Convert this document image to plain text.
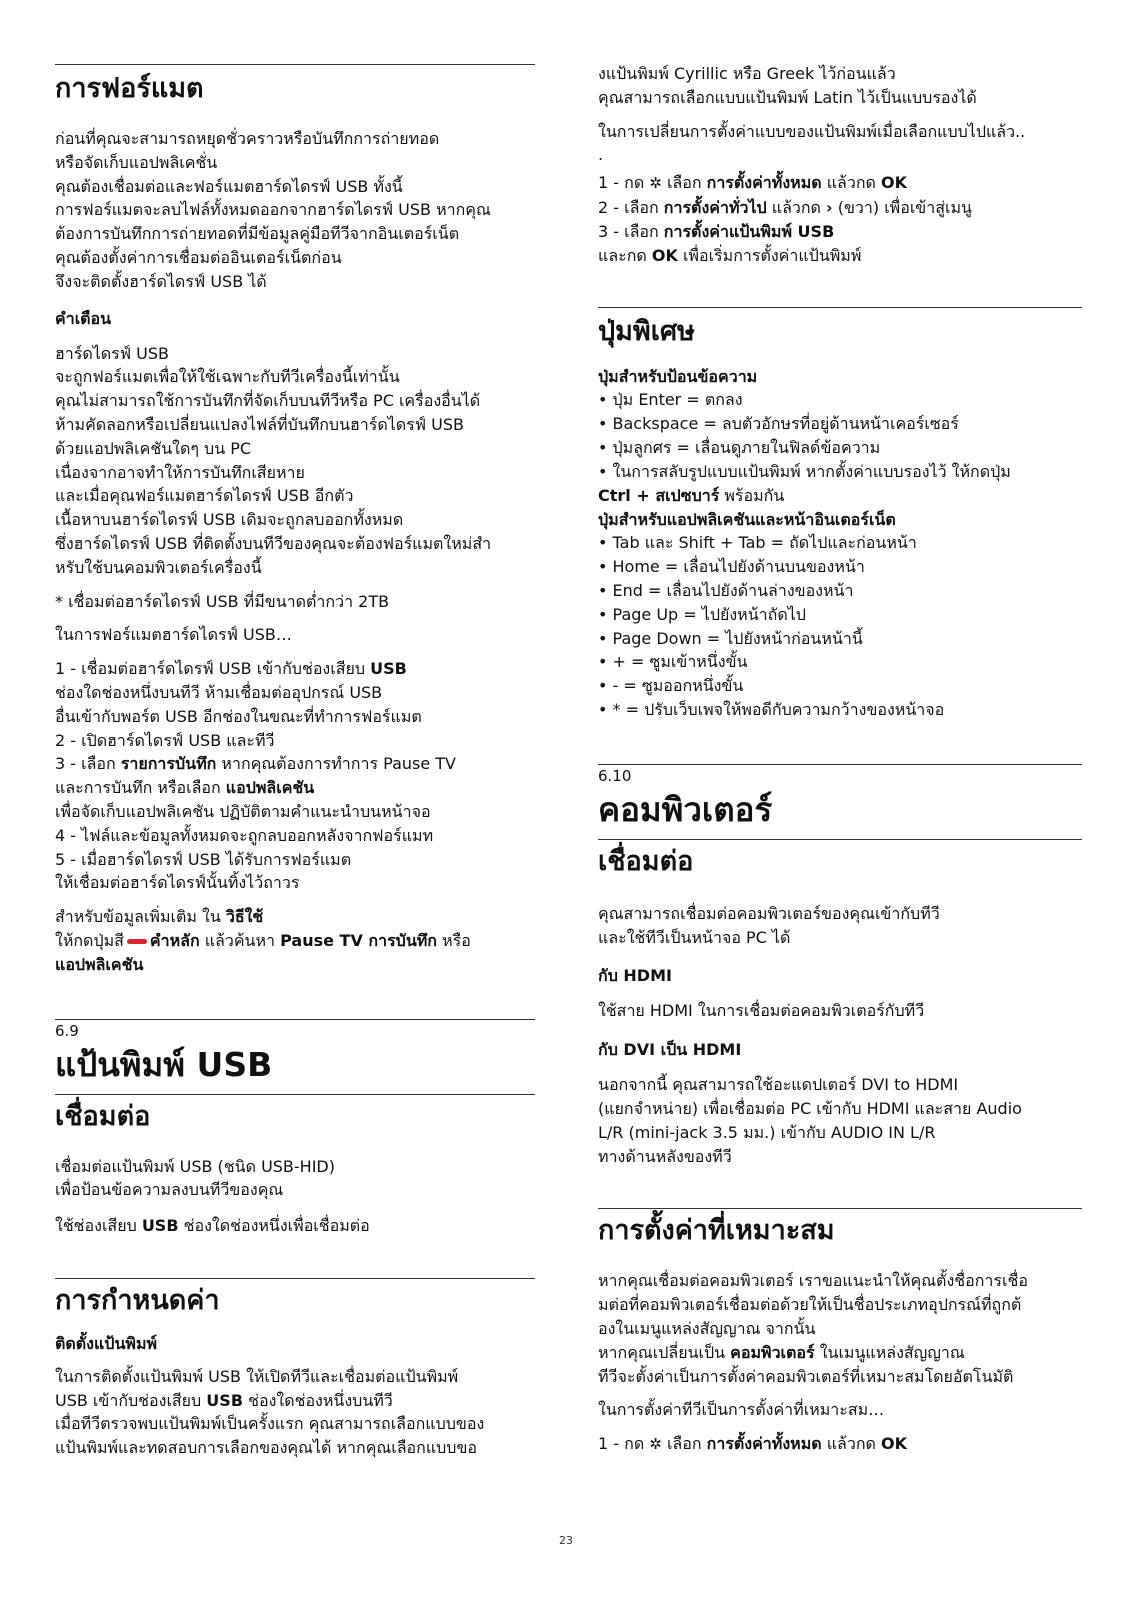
การฟอร์แมต

ก่อนที่คุณจะสามารถหยุดชั่วคราวหรือบันทึกการถ่ายทอด

หรือจัดเก็บแอปพลิเคชั่น

คุณต้องเชื่อมต่อและฟอร์แมตฮาร์ดไดรฟ์ USB ทั้งนี้

การฟอร์แมตจะลบไฟล์ทั้งหมดออกจากฮาร์ดไดรฟ์ USB หากคุณ

ต้องการบันทึกการถ่ายทอดที่มีข้อมูลคู่มือทีวีจากอินเตอร์เน็ต

คุณต้องตั้งค่าการเชื่อมต่ออินเตอร์เน็ตก่อน

จึงจะติดตั้งฮาร์ดไดรฟ์ USB ได้

คำเตือน

ฮาร์ดไดรฟ์ USB

จะถูกฟอร์แมตเพื่อให้ใช้เฉพาะกับทีวีเครื่องนี้เท่านั้น

คุณไม่สามารถใช้การบันทึกที่จัดเก็บบนทีวีหรือ PC เครื่องอื่นได้

ห้ามคัดลอกหรือเปลี่ยนแปลงไฟล์ที่บันทึกบนฮาร์ดไดรฟ์ USB

ด้วยแอปพลิเคชันใดๆ บน PC

เนื่องจากอาจทำให้การบันทึกเสียหาย

และเมื่อคุณฟอร์แมตฮาร์ดไดรฟ์ USB อีกตัว

เนื้อหาบนฮาร์ดไดรฟ์ USB เดิมจะถูกลบออกทั้งหมด

ซึ่งฮาร์ดไดรฟ์ USB ที่ติดตั้งบนทีวีของคุณจะต้องฟอร์แมตใหม่สำ

หรับใช้บนคอมพิวเตอร์เครื่องนี้

* เชื่อมต่อฮาร์ดไดรฟ์ USB ที่มีขนาดต่ำกว่า 2TB

ในการฟอร์แมตฮาร์ดไดรฟ์ USB…

1 - เชื่อมต่อฮาร์ดไดรฟ์ USB เข้ากับช่องเสียบ USB

ช่องใดช่องหนึ่งบนทีวี ห้ามเชื่อมต่ออุปกรณ์ USB

อื่นเข้ากับพอร์ต USB อีกช่องในขณะที่ทำการฟอร์แมต

2 - เปิดฮาร์ดไดรฟ์ USB และทีวี

3 - เลือก รายการบันทึก หากคุณต้องการทำการ Pause TV

และการบันทึก หรือเลือก แอปพลิเคชัน

เพื่อจัดเก็บแอปพลิเคชัน ปฏิบัติตามคำแนะนำบนหน้าจอ

4 - ไฟล์และข้อมูลทั้งหมดจะถูกลบออกหลังจากฟอร์แมท

5 - เมื่อฮาร์ดไดรฟ์ USB ได้รับการฟอร์แมต

ให้เชื่อมต่อฮาร์ดไดรฟ์นั้นทิ้งไว้ถาวร

สำหรับข้อมูลเพิ่มเติม ใน วิธีใช้

ให้กดปุ่มสี คำหลัก แล้วค้นหา Pause TV การบันทึก หรือ

แอปพลิเคชัน

6.9

แป้นพิมพ์ USB
เชื่อมต่อ

เชื่อมต่อแป้นพิมพ์ USB (ชนิด USB-HID)

เพื่อป้อนข้อความลงบนทีวีของคุณ

ใช้ช่องเสียบ USB ช่องใดช่องหนึ่งเพื่อเชื่อมต่อ

การกำหนดค่า
ติดตั้งแป้นพิมพ์

ในการติดตั้งแป้นพิมพ์ USB ให้เปิดทีวีและเชื่อมต่อแป้นพิมพ์

USB เข้ากับช่องเสียบ USB ช่องใดช่องหนึ่งบนทีวี

เมื่อทีวีตรวจพบแป้นพิมพ์เป็นครั้งแรก คุณสามารถเลือกแบบของ

แป้นพิมพ์และทดสอบการเลือกของคุณได้ หากคุณเลือกแบบขอ

งแป้นพิมพ์ Cyrillic หรือ Greek ไว้ก่อนแล้ว

คุณสามารถเลือกแบบแป้นพิมพ์ Latin ไว้เป็นแบบรองได้

ในการเปลี่ยนการตั้งค่าแบบของแป้นพิมพ์เมื่อเลือกแบบไปแล้ว..

.

1 - กด ✲ เลือก การตั้งค่าทั้งหมด แล้วกด OK

2 - เลือก การตั้งค่าทั่วไป แล้วกด › (ขวา) เพื่อเข้าสู่เมนู

3 - เลือก การตั้งค่าแป้นพิมพ์ USB

และกด OK เพื่อเริ่มการตั้งค่าแป้นพิมพ์

ปุ่มพิเศษ
ปุ่มสำหรับป้อนข้อความ

• ปุ่ม Enter = ตกลง

• Backspace = ลบตัวอักษรที่อยู่ด้านหน้าเคอร์เซอร์

• ปุ่มลูกศร = เลื่อนดูภายในฟิลด์ข้อความ

• ในการสลับรูปแบบแป้นพิมพ์ หากตั้งค่าแบบรองไว้ ให้กดปุ่ม

Ctrl + สเปซบาร์ พร้อมกัน

ปุ่มสำหรับแอปพลิเคชันและหน้าอินเตอร์เน็ต

• Tab และ Shift + Tab = ถัดไปและก่อนหน้า

• Home = เลื่อนไปยังด้านบนของหน้า

• End = เลื่อนไปยังด้านล่างของหน้า

• Page Up = ไปยังหน้าถัดไป

• Page Down = ไปยังหน้าก่อนหน้านี้

• + = ซูมเข้าหนึ่งขั้น

• - = ซูมออกหนึ่งขั้น

• * = ปรับเว็บเพจให้พอดีกับความกว้างของหน้าจอ

6.10

คอมพิวเตอร์
เชื่อมต่อ

คุณสามารถเชื่อมต่อคอมพิวเตอร์ของคุณเข้ากับทีวี

และใช้ทีวีเป็นหน้าจอ PC ได้

กับ HDMI

ใช้สาย HDMI ในการเชื่อมต่อคอมพิวเตอร์กับทีวี

กับ DVI เป็น HDMI

นอกจากนี้ คุณสามารถใช้อะแดปเตอร์ DVI to HDMI

(แยกจำหน่าย) เพื่อเชื่อมต่อ PC เข้ากับ HDMI และสาย Audio

L/R (mini-jack 3.5 มม.) เข้ากับ AUDIO IN L/R

ทางด้านหลังของทีวี

การตั้งค่าที่เหมาะสม

หากคุณเชื่อมต่อคอมพิวเตอร์ เราขอแนะนำให้คุณตั้งชื่อการเชื่อ

มต่อที่คอมพิวเตอร์เชื่อมต่อด้วยให้เป็นชื่อประเภทอุปกรณ์ที่ถูกต้

องในเมนูแหล่งสัญญาณ จากนั้น

หากคุณเปลี่ยนเป็น คอมพิวเตอร์ ในเมนูแหล่งสัญญาณ

ทีวีจะตั้งค่าเป็นการตั้งค่าคอมพิวเตอร์ที่เหมาะสมโดยอัตโนมัติ

ในการตั้งค่าทีวีเป็นการตั้งค่าที่เหมาะสม…

1 - กด ✲ เลือก การตั้งค่าทั้งหมด แล้วกด OK

23
